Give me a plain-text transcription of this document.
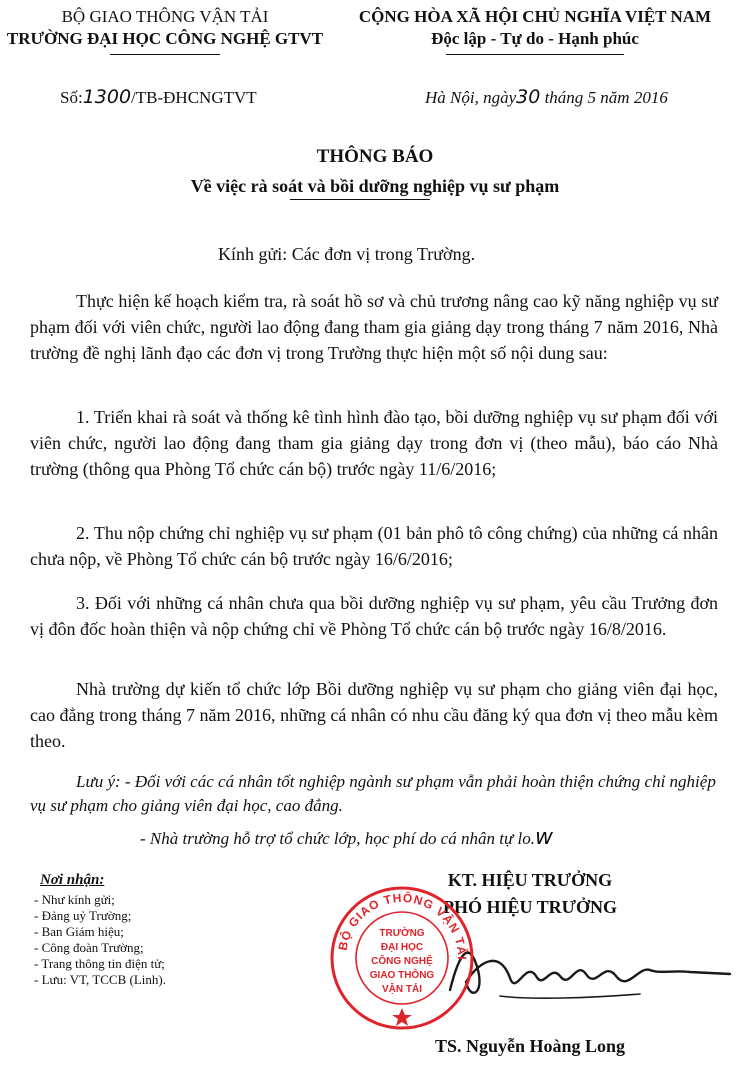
BỘ GIAO THÔNG VẬN TẢI
TRƯỜNG ĐẠI HỌC CÔNG NGHỆ GTVT
CỘNG HÒA XÃ HỘI CHỦ NGHĨA VIỆT NAM
Độc lập - Tự do - Hạnh phúc
Số:1300/TB-ĐHCNGTVT	Hà Nội, ngày30 tháng 5 năm 2016
THÔNG BÁO
Về việc rà soát và bồi dưỡng nghiệp vụ sư phạm
Kính gửi: Các đơn vị trong Trường.

Thực hiện kế hoạch kiểm tra, rà soát hồ sơ và chủ trương nâng cao kỹ năng nghiệp vụ sư phạm đối với viên chức, người lao động đang tham gia giảng dạy trong tháng 7 năm 2016, Nhà trường đề nghị lãnh đạo các đơn vị trong Trường thực hiện một số nội dung sau:

1. Triển khai rà soát và thống kê tình hình đào tạo, bồi dưỡng nghiệp vụ sư phạm đối với viên chức, người lao động đang tham gia giảng dạy trong đơn vị (theo mẫu), báo cáo Nhà trường (thông qua Phòng Tổ chức cán bộ) trước ngày 11/6/2016;

2. Thu nộp chứng chỉ nghiệp vụ sư phạm (01 bản phô tô công chứng) của những cá nhân chưa nộp, về Phòng Tổ chức cán bộ trước ngày 16/6/2016;

3. Đối với những cá nhân chưa qua bồi dưỡng nghiệp vụ sư phạm, yêu cầu Trưởng đơn vị đôn đốc hoàn thiện và nộp chứng chỉ về Phòng Tổ chức cán bộ trước ngày 16/8/2016.

Nhà trường dự kiến tổ chức lớp Bồi dưỡng nghiệp vụ sư phạm cho giảng viên đại học, cao đẳng trong tháng 7 năm 2016, những cá nhân có nhu cầu đăng ký qua đơn vị theo mẫu kèm theo.

Lưu ý: - Đối với các cá nhân tốt nghiệp ngành sư phạm vẫn phải hoàn thiện chứng chỉ nghiệp vụ sư phạm cho giảng viên đại học, cao đẳng.

- Nhà trường hỗ trợ tổ chức lớp, học phí do cá nhân tự lo.w

Nơi nhận:
- Như kính gửi;
- Đảng uỷ Trường;
- Ban Giám hiệu;
- Công đoàn Trường;
- Trang thông tin điện tử;
- Lưu: VT, TCCB (Linh).
KT. HIỆU TRƯỞNG
PHÓ HIỆU TRƯỞNG
BỘ GIAO THÔNG VẬN TẢI
TRƯỜNG
ĐẠI HỌC
CÔNG NGHỆ
GIAO THÔNG
VẬN TẢI
TS. Nguyễn Hoàng Long
